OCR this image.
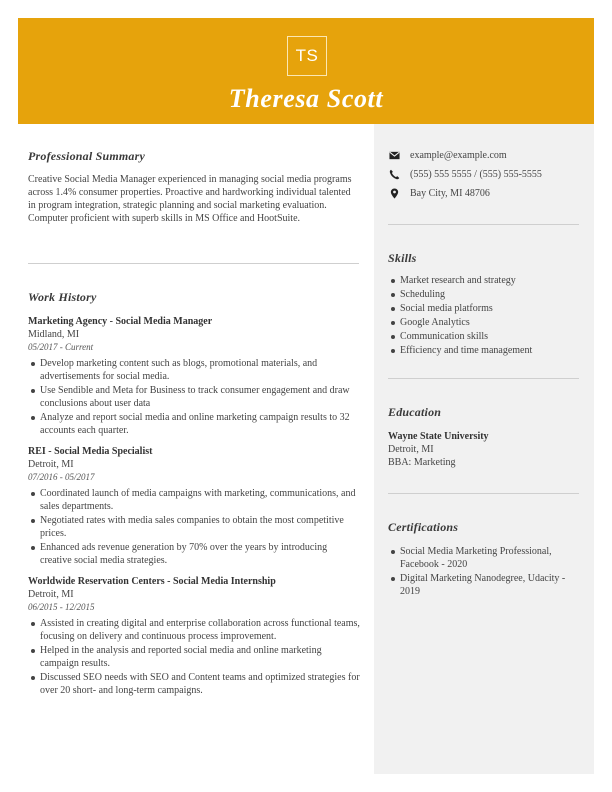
TS
Theresa Scott
Professional Summary
Creative Social Media Manager experienced in managing social media programs across 1.4% consumer properties. Proactive and hardworking individual talented in program integration, strategic planning and social marketing evaluation. Computer proficient with superb skills in MS Office and HootSuite.
Work History
Marketing Agency - Social Media Manager
Midland, MI
05/2017 - Current
Develop marketing content such as blogs, promotional materials, and advertisements for social media.
Use Sendible and Meta for Business to track consumer engagement and draw conclusions about user data
Analyze and report social media and online marketing campaign results to 32 accounts each quarter.
REI - Social Media Specialist
Detroit, MI
07/2016 - 05/2017
Coordinated launch of media campaigns with marketing, communications, and sales departments.
Negotiated rates with media sales companies to obtain the most competitive prices.
Enhanced ads revenue generation by 70% over the years by introducing creative social media strategies.
Worldwide Reservation Centers - Social Media Internship
Detroit, MI
06/2015 - 12/2015
Assisted in creating digital and enterprise collaboration across functional teams, focusing on delivery and continuous process improvement.
Helped in the analysis and reported social media and online marketing campaign results.
Discussed SEO needs with SEO and Content teams and optimized strategies for over 20 short- and long-term campaigns.
example@example.com
(555) 555 5555 / (555) 555-5555
Bay City, MI 48706
Skills
Market research and strategy
Scheduling
Social media platforms
Google Analytics
Communication skills
Efficiency and time management
Education
Wayne State University
Detroit, MI
BBA: Marketing
Certifications
Social Media Marketing Professional, Facebook - 2020
Digital Marketing Nanodegree, Udacity - 2019
